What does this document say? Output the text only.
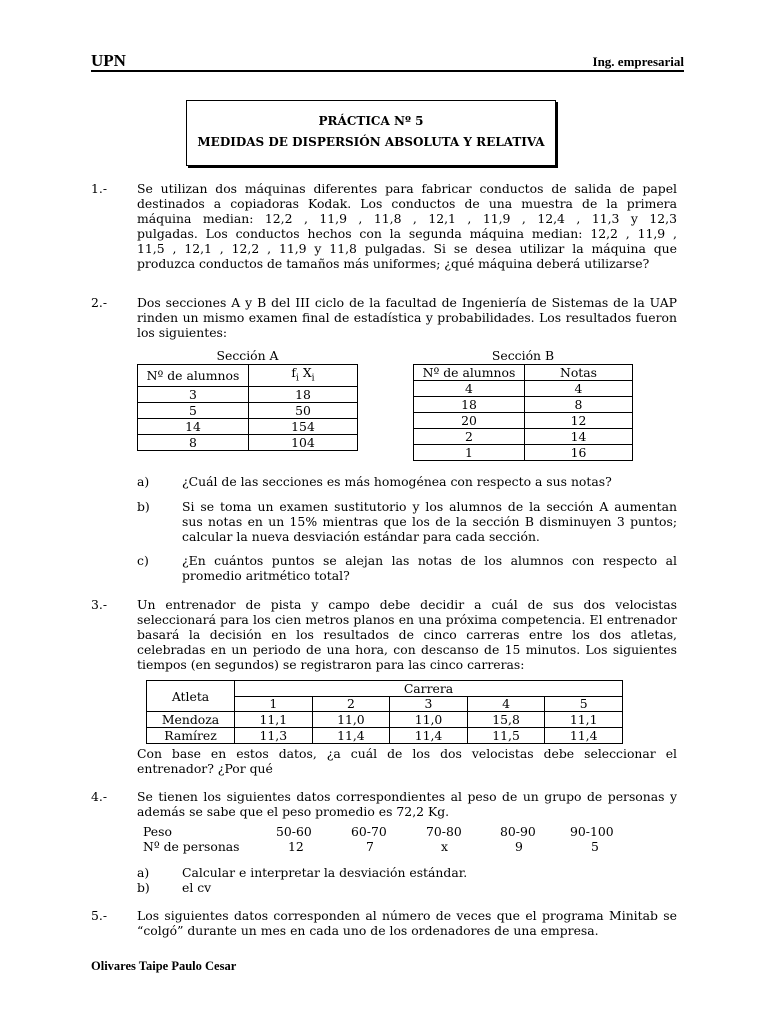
UPN	Ing. empresarial
PRÁCTICA Nº 5
MEDIDAS DE DISPERSIÓN ABSOLUTA Y RELATIVA
1.- Se utilizan dos máquinas diferentes para fabricar conductos de salida de papel
destinados a copiadoras Kodak. Los conductos de una muestra de la primera
máquina median: 12,2 , 11,9 , 11,8 , 12,1 , 11,9 , 12,4 , 11,3 y 12,3
pulgadas. Los conductos hechos con la segunda máquina median: 12,2 , 11,9 ,
11,5 , 12,1 , 12,2 , 11,9 y 11,8 pulgadas. Si se desea utilizar la máquina que
produzca conductos de tamaños más uniformes; ¿qué máquina deberá utilizarse?
2.- Dos secciones A y B del III ciclo de la facultad de Ingeniería de Sistemas de la UAP
rinden un mismo examen final de estadística y probabilidades. Los resultados fueron
los siguientes:
Sección A
Nº de alumnos	$f_i$ $X_i$
3	18
5	50
14	154
8	104
Sección B
Nº de alumnos	Notas
4	4
18	8
20	12
2	14
1	16
a)	¿Cuál de las secciones es más homogénea con respecto a sus notas?
b)	Si se toma un examen sustitutorio y los alumnos de la sección A aumentan
sus notas en un 15% mientras que los de la sección B disminuyen 3 puntos;
calcular la nueva desviación estándar para cada sección.
c)	¿En cuántos puntos se alejan las notas de los alumnos con respecto al
promedio aritmético total?
3.- Un entrenador de pista y campo debe decidir a cuál de sus dos velocistas
seleccionará para los cien metros planos en una próxima competencia. El entrenador
basará la decisión en los resultados de cinco carreras entre los dos atletas,
celebradas en un periodo de una hora, con descanso de 15 minutos. Los siguientes
tiempos (en segundos) se registraron para las cinco carreras:
Atleta	Carrera				
	1	2	3	4	5
Mendoza	11,1	11,0	11,0	15,8	11,1
Ramírez	11,3	11,4	11,4	11,5	11,4
Con base en estos datos, ¿a cuál de los dos velocistas debe seleccionar el
entrenador? ¿Por qué
4.- Se tienen los siguientes datos correspondientes al peso de un grupo de personas y
además se sabe que el peso promedio es 72,2 Kg.
Peso	50-60	60-70	70-80	80-90	90-100
Nº de personas	12	7	x	9	5
a)	Calcular e interpretar la desviación estándar.
b)	el cv
5.- Los siguientes datos corresponden al número de veces que el programa Minitab se
“colgó” durante un mes en cada uno de los ordenadores de una empresa.
Olivares Taipe Paulo Cesar
